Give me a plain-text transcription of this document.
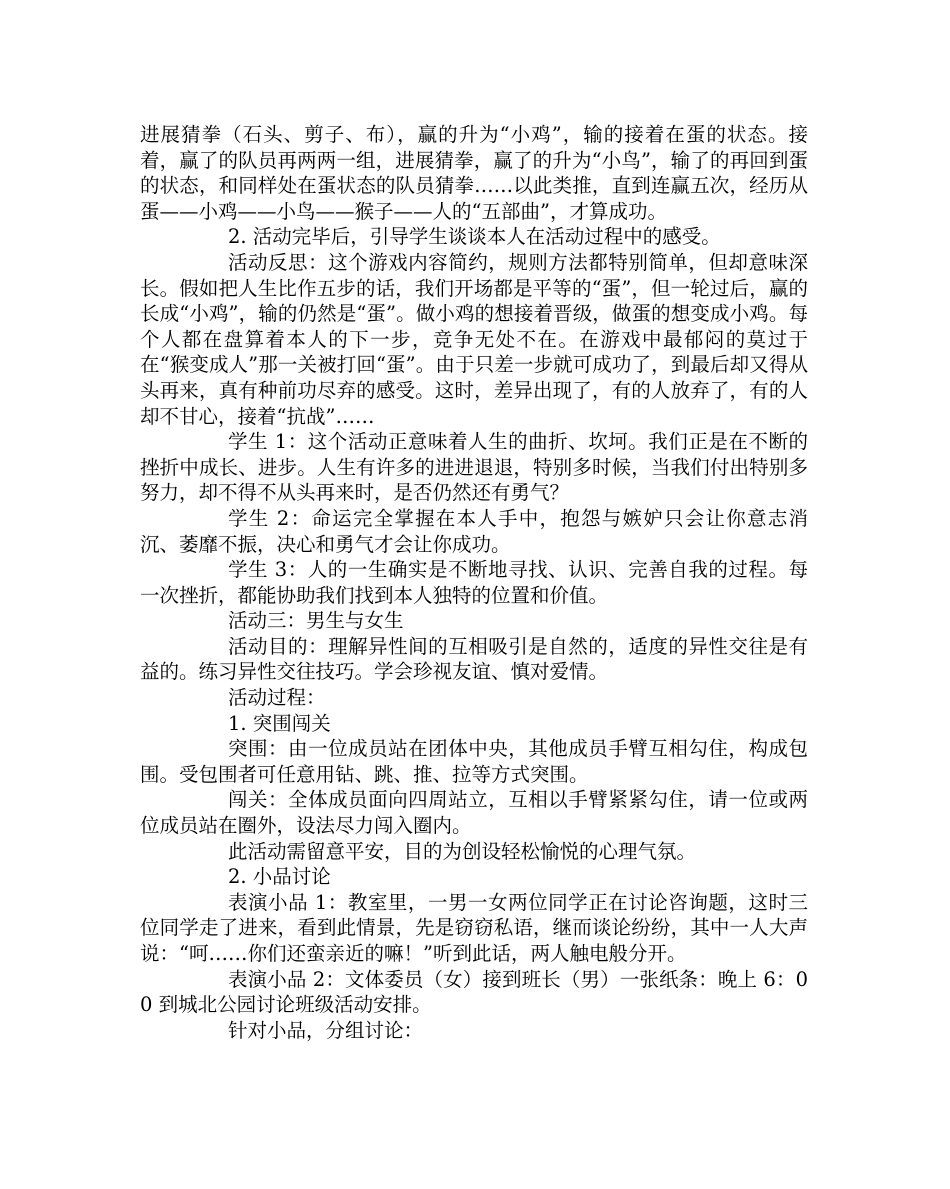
进展猜拳（石头、剪子、布），赢的升为“小鸡”，输的接着在蛋的状态。接着，赢了的队员再两两一组，进展猜拳，赢了的升为“小鸟”，输了的再回到蛋的状态，和同样处在蛋状态的队员猜拳……以此类推，直到连赢五次，经历从蛋——小鸡——小鸟——猴子——人的“五部曲”，才算成功。

2. 活动完毕后，引导学生谈谈本人在活动过程中的感受。

活动反思：这个游戏内容简约，规则方法都特别简单，但却意味深长。假如把人生比作五步的话，我们开场都是平等的“蛋”，但一轮过后，赢的长成“小鸡”，输的仍然是“蛋”。做小鸡的想接着晋级，做蛋的想变成小鸡。每个人都在盘算着本人的下一步，竞争无处不在。在游戏中最郁闷的莫过于在“猴变成人”那一关被打回“蛋”。由于只差一步就可成功了，到最后却又得从头再来，真有种前功尽弃的感受。这时，差异出现了，有的人放弃了，有的人却不甘心，接着“抗战”……

学生 1：这个活动正意味着人生的曲折、坎坷。我们正是在不断的挫折中成长、进步。人生有许多的进进退退，特别多时候，当我们付出特别多努力，却不得不从头再来时，是否仍然还有勇气？

学生 2：命运完全掌握在本人手中，抱怨与嫉妒只会让你意志消沉、萎靡不振，决心和勇气才会让你成功。

学生 3：人的一生确实是不断地寻找、认识、完善自我的过程。每一次挫折，都能协助我们找到本人独特的位置和价值。

活动三：男生与女生

活动目的：理解异性间的互相吸引是自然的，适度的异性交往是有益的。练习异性交往技巧。学会珍视友谊、慎对爱情。

活动过程：

1. 突围闯关

突围：由一位成员站在团体中央，其他成员手臂互相勾住，构成包围。受包围者可任意用钻、跳、推、拉等方式突围。

闯关：全体成员面向四周站立，互相以手臂紧紧勾住，请一位或两位成员站在圈外，设法尽力闯入圈内。

此活动需留意平安，目的为创设轻松愉悦的心理气氛。

2. 小品讨论

表演小品 1：教室里，一男一女两位同学正在讨论咨询题，这时三位同学走了进来，看到此情景，先是窃窃私语，继而谈论纷纷，其中一人大声说：“呵……你们还蛮亲近的嘛！”听到此话，两人触电般分开。

表演小品 2：文体委员（女）接到班长（男）一张纸条：晚上 6：00 到城北公园讨论班级活动安排。

针对小品，分组讨论：
